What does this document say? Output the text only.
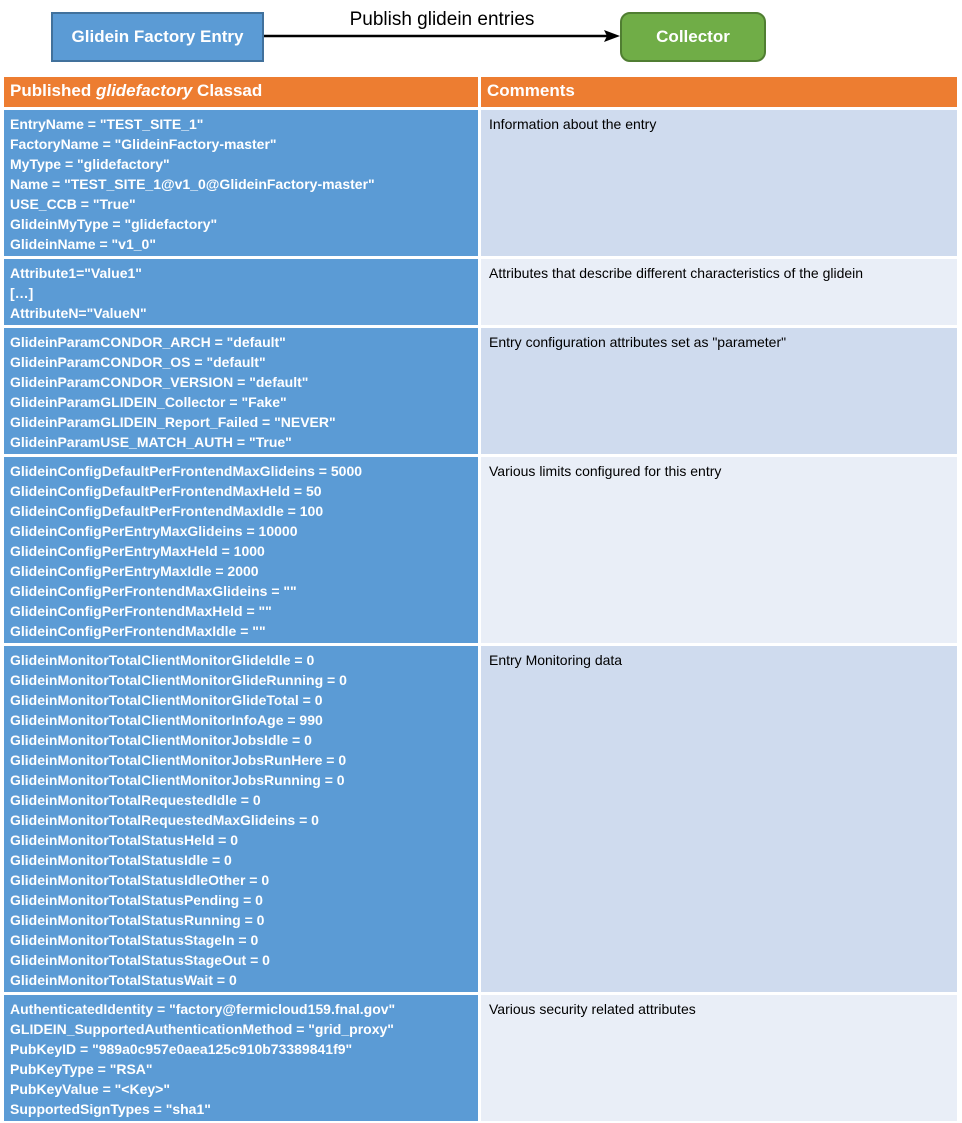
Glidein Factory Entry
Publish glidein entries
Collector
Published glidefactory Classad	Comments
EntryName = "TEST_SITE_1"
FactoryName = "GlideinFactory-master"
MyType = "glidefactory"
Name = "TEST_SITE_1@v1_0@GlideinFactory-master"
USE_CCB = "True"
GlideinMyType = "glidefactory"
GlideinName = "v1_0"
Information about the entry
Attribute1="Value1"
[…]
AttributeN="ValueN"
Attributes that describe different characteristics of the glidein
GlideinParamCONDOR_ARCH = "default"
GlideinParamCONDOR_OS = "default"
GlideinParamCONDOR_VERSION = "default"
GlideinParamGLIDEIN_Collector = "Fake"
GlideinParamGLIDEIN_Report_Failed = "NEVER"
GlideinParamUSE_MATCH_AUTH = "True"
Entry configuration attributes set as "parameter"
GlideinConfigDefaultPerFrontendMaxGlideins = 5000
GlideinConfigDefaultPerFrontendMaxHeld = 50
GlideinConfigDefaultPerFrontendMaxIdle = 100
GlideinConfigPerEntryMaxGlideins = 10000
GlideinConfigPerEntryMaxHeld = 1000
GlideinConfigPerEntryMaxIdle = 2000
GlideinConfigPerFrontendMaxGlideins = ""
GlideinConfigPerFrontendMaxHeld = ""
GlideinConfigPerFrontendMaxIdle = ""
Various limits configured for this entry
GlideinMonitorTotalClientMonitorGlideIdle = 0
GlideinMonitorTotalClientMonitorGlideRunning = 0
GlideinMonitorTotalClientMonitorGlideTotal = 0
GlideinMonitorTotalClientMonitorInfoAge = 990
GlideinMonitorTotalClientMonitorJobsIdle = 0
GlideinMonitorTotalClientMonitorJobsRunHere = 0
GlideinMonitorTotalClientMonitorJobsRunning = 0
GlideinMonitorTotalRequestedIdle = 0
GlideinMonitorTotalRequestedMaxGlideins = 0
GlideinMonitorTotalStatusHeld = 0
GlideinMonitorTotalStatusIdle = 0
GlideinMonitorTotalStatusIdleOther = 0
GlideinMonitorTotalStatusPending = 0
GlideinMonitorTotalStatusRunning = 0
GlideinMonitorTotalStatusStageIn = 0
GlideinMonitorTotalStatusStageOut = 0
GlideinMonitorTotalStatusWait = 0
Entry Monitoring data
AuthenticatedIdentity = "factory@fermicloud159.fnal.gov"
GLIDEIN_SupportedAuthenticationMethod = "grid_proxy"
PubKeyID = "989a0c957e0aea125c910b73389841f9"
PubKeyType = "RSA"
PubKeyValue = "<Key>"
SupportedSignTypes = "sha1"
Various security related attributes
